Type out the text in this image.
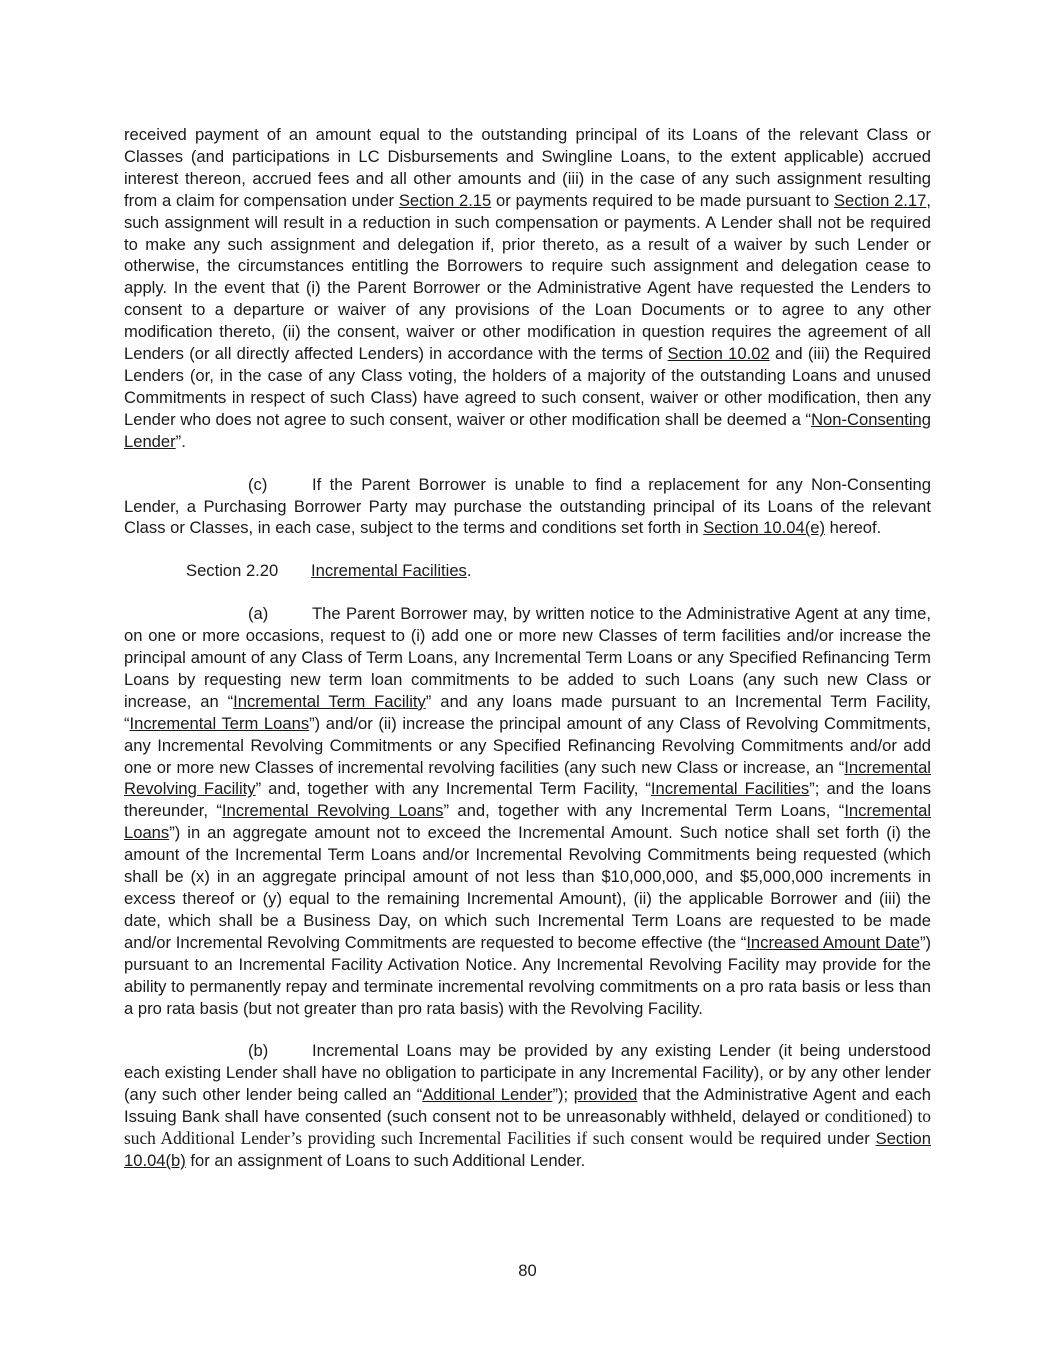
received payment of an amount equal to the outstanding principal of its Loans of the relevant Class or Classes (and participations in LC Disbursements and Swingline Loans, to the extent applicable) accrued interest thereon, accrued fees and all other amounts and (iii) in the case of any such assignment resulting from a claim for compensation under Section 2.15 or payments required to be made pursuant to Section 2.17, such assignment will result in a reduction in such compensation or payments. A Lender shall not be required to make any such assignment and delegation if, prior thereto, as a result of a waiver by such Lender or otherwise, the circumstances entitling the Borrowers to require such assignment and delegation cease to apply. In the event that (i) the Parent Borrower or the Administrative Agent have requested the Lenders to consent to a departure or waiver of any provisions of the Loan Documents or to agree to any other modification thereto, (ii) the consent, waiver or other modification in question requires the agreement of all Lenders (or all directly affected Lenders) in accordance with the terms of Section 10.02 and (iii) the Required Lenders (or, in the case of any Class voting, the holders of a majority of the outstanding Loans and unused Commitments in respect of such Class) have agreed to such consent, waiver or other modification, then any Lender who does not agree to such consent, waiver or other modification shall be deemed a “Non-Consenting Lender”.

(c)	If the Parent Borrower is unable to find a replacement for any Non-Consenting Lender, a Purchasing Borrower Party may purchase the outstanding principal of its Loans of the relevant Class or Classes, in each case, subject to the terms and conditions set forth in Section 10.04(e) hereof.

Section 2.20 Incremental Facilities.

(a)	The Parent Borrower may, by written notice to the Administrative Agent at any time, on one or more occasions, request to (i) add one or more new Classes of term facilities and/or increase the principal amount of any Class of Term Loans, any Incremental Term Loans or any Specified Refinancing Term Loans by requesting new term loan commitments to be added to such Loans (any such new Class or increase, an “Incremental Term Facility” and any loans made pursuant to an Incremental Term Facility, “Incremental Term Loans”) and/or (ii) increase the principal amount of any Class of Revolving Commitments, any Incremental Revolving Commitments or any Specified Refinancing Revolving Commitments and/or add one or more new Classes of incremental revolving facilities (any such new Class or increase, an “Incremental Revolving Facility” and, together with any Incremental Term Facility, “Incremental Facilities”; and the loans thereunder, “Incremental Revolving Loans” and, together with any Incremental Term Loans, “Incremental Loans”) in an aggregate amount not to exceed the Incremental Amount. Such notice shall set forth (i) the amount of the Incremental Term Loans and/or Incremental Revolving Commitments being requested (which shall be (x) in an aggregate principal amount of not less than $10,000,000, and $5,000,000 increments in excess thereof or (y) equal to the remaining Incremental Amount), (ii) the applicable Borrower and (iii) the date, which shall be a Business Day, on which such Incremental Term Loans are requested to be made and/or Incremental Revolving Commitments are requested to become effective (the “Increased Amount Date”) pursuant to an Incremental Facility Activation Notice. Any Incremental Revolving Facility may provide for the ability to permanently repay and terminate incremental revolving commitments on a pro rata basis or less than a pro rata basis (but not greater than pro rata basis) with the Revolving Facility.

(b)	Incremental Loans may be provided by any existing Lender (it being understood each existing Lender shall have no obligation to participate in any Incremental Facility), or by any other lender (any such other lender being called an “Additional Lender”); provided that the Administrative Agent and each Issuing Bank shall have consented (such consent not to be unreasonably withheld, delayed or conditioned) to such Additional Lender’s providing such Incremental Facilities if such consent would be required under Section 10.04(b) for an assignment of Loans to such Additional Lender.

80
